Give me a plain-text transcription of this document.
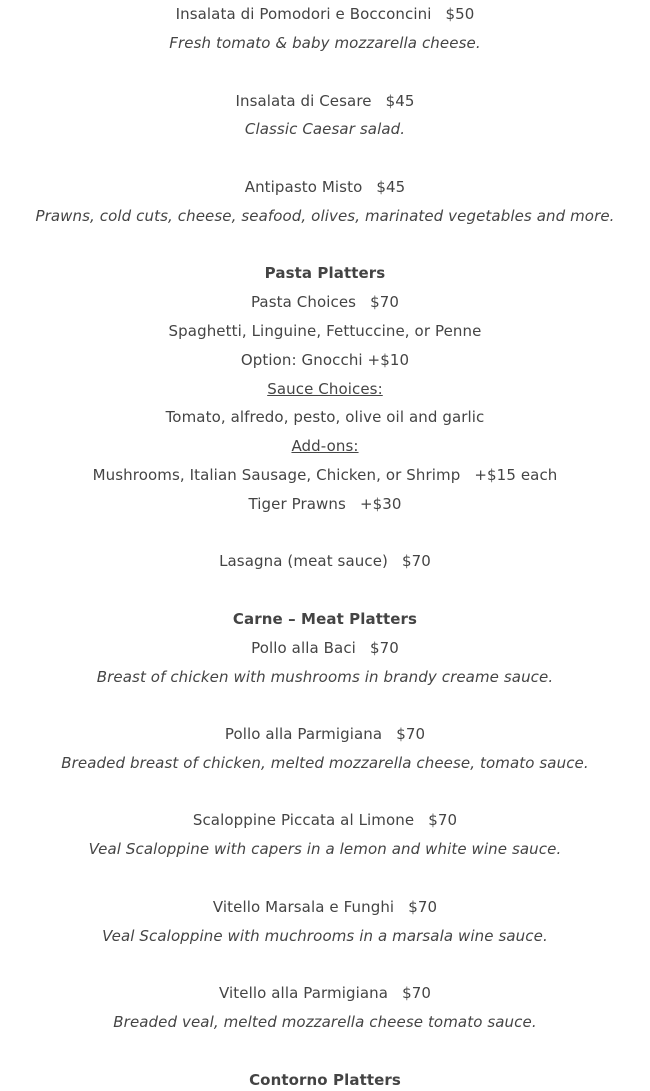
Insalata di Pomodori e Bocconcini $50
Fresh tomato & baby mozzarella cheese.
Insalata di Cesare $45
Classic Caesar salad.
Antipasto Misto $45
Prawns, cold cuts, cheese, seafood, olives, marinated vegetables and more.
Pasta Platters
Pasta Choices $70
Spaghetti, Linguine, Fettuccine, or Penne
Option: Gnocchi +$10
Sauce Choices:
Tomato, alfredo, pesto, olive oil and garlic
Add-ons:
Mushrooms, Italian Sausage, Chicken, or Shrimp +$15 each
Tiger Prawns +$30
Lasagna (meat sauce) $70
Carne – Meat Platters
Pollo alla Baci $70
Breast of chicken with mushrooms in brandy creame sauce.
Pollo alla Parmigiana $70
Breaded breast of chicken, melted mozzarella cheese, tomato sauce.
Scaloppine Piccata al Limone $70
Veal Scaloppine with capers in a lemon and white wine sauce.
Vitello Marsala e Funghi $70
Veal Scaloppine with muchrooms in a marsala wine sauce.
Vitello alla Parmigiana $70
Breaded veal, melted mozzarella cheese tomato sauce.
Contorno Platters
